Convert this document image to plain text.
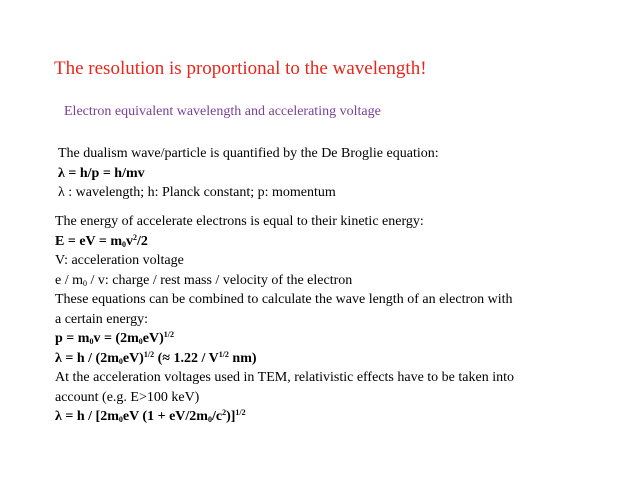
The resolution is proportional to the wavelength!
Electron equivalent wavelength and accelerating voltage
The dualism wave/particle is quantified by the De Broglie equation:
λ = h/p = h/mv
λ : wavelength; h: Planck constant; p: momentum
The energy of accelerate electrons is equal to their kinetic energy:
E = eV = $m_0v^2/2$
V: acceleration voltage
e / $m_0$ / v: charge / rest mass / velocity of the electron
These equations can be combined to calculate the wave length of an electron with
a certain energy:
$p = m_0v = (2m_0eV)^{1/2}$
$\lambda = h / (2m_0eV)^{1/2}$ (≈ $1.22 / V^{1/2}$ nm)
At the acceleration voltages used in TEM, relativistic effects have to be taken into
account (e.g. E>100 keV)
$\lambda = h / [2m_0eV$ $(1 + eV/2m_0/c^2)]^{1/2}$
